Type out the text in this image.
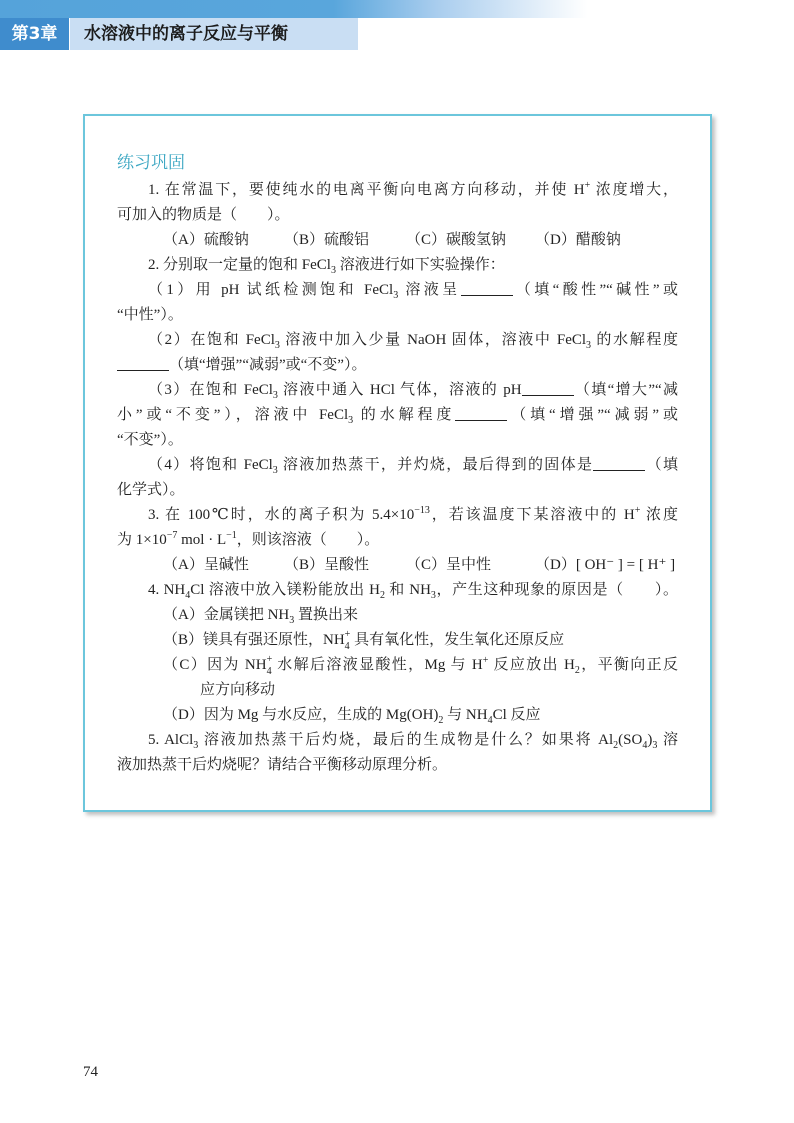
第3章	水溶液中的离子反应与平衡
练习巩固
1. 在常温下，要使纯水的电离平衡向电离方向移动，并使 H+ 浓度增大，
可加入的物质是（　　）。
（A）硫酸钠	（B）硫酸铝	（C）碳酸氢钠	（D）醋酸钠
2. 分别取一定量的饱和 FeCl$_3$ 溶液进行如下实验操作：
（1）用 pH 试纸检测饱和 FeCl$_3$ 溶液呈	（填“酸性”“碱性”或
“中性”）。
（2）在饱和 FeCl$_3$ 溶液中加入少量 NaOH 固体，溶液中 FeCl$_3$ 的水解程度
（填“增强”“减弱”或“不变”）。
（3）在饱和 FeCl$_3$ 溶液中通入 HCl 气体，溶液的 pH	（填“增大”“减
小”或“不变”），溶液中 FeCl$_3$ 的水解程度	（填“增强”“减弱”或
“不变”）。
（4）将饱和 FeCl$_3$ 溶液加热蒸干，并灼烧，最后得到的固体是	（填
化学式）。
3. 在 100℃时，水的离子积为 $5.4\times 10^{-13}$，若该温度下某溶液中的 H+ 浓度
为 $1\times 10^{-7}$ mol · $L^{-1}$，则该溶液（　　）。
（A）呈碱性	（B）呈酸性	（C）呈中性	（D）[ OH⁻ ] = [ H⁺ ]
4. $NH_4Cl$ 溶液中放入镁粉能放出 $H_2$ 和 $NH_3$，产生这种现象的原因是（　　）。
（A）金属镁把 $NH_3$ 置换出来
（B）镁具有强还原性，NH +
4 具有氧化性，发生氧化还原反应
（C）因为 NH +
4 水解后溶液显酸性，Mg 与 H+ 反应放出 $H_2$，平衡向正反
应方向移动
（D）因为 Mg 与水反应，生成的 $Mg(OH)_2$ 与 $NH_4Cl$ 反应
5. AlCl$_3$ 溶液加热蒸干后灼烧，最后的生成物是什么？如果将 $Al_2(SO_4)_3$ 溶
液加热蒸干后灼烧呢？请结合平衡移动原理分析。
74
